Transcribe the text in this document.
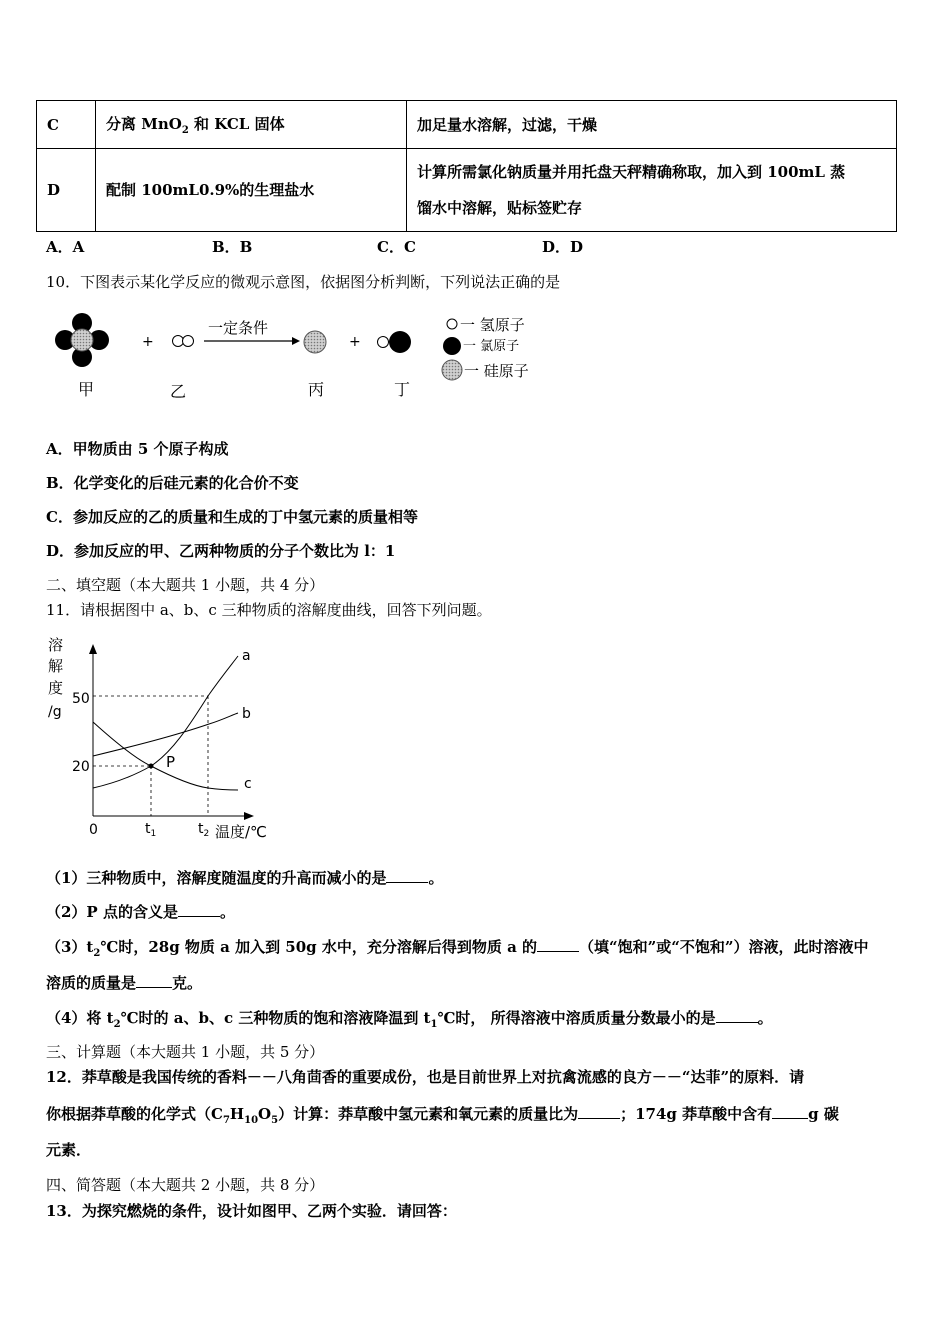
C	分离 MnO$_2$ 和 KCL 固体	加足量水溶解，过滤，干燥
D	配制 100mL0.9%的生理盐水	计算所需氯化钠质量并用托盘天秤精确称取，加入到 100mL 蒸
馏水中溶解，贴标签贮存
A．A	B．B	C．C	D．D
10．下图表示某化学反应的微观示意图，依据图分析判断，下列说法正确的是
+
一定条件
+
甲	乙	丙	丁
一 氢原子
一 氯原子
一 硅原子
A．甲物质由 5 个原子构成
B．化学变化的后硅元素的化合价不变
C．参加反应的乙的质量和生成的丁中氢元素的质量相等
D．参加反应的甲、乙两种物质的分子个数比为 l：1
二、填空题（本大题共 1 小题，共 4 分）
11．请根据图中 a、b、c 三种物质的溶解度曲线，回答下列问题。
溶
解
度
/g
50
20
0	$t_1$	$t_2$ 温度/℃
P
a
b
c
（1）三种物质中，溶解度随温度的升高而减小的是	。
（2）P 点的含义是	。
$(3)t_2℃$时，28g 物质 a 加入到 50g 水中，充分溶解后得到物质 a 的	（填“饱和”或“不饱和”）溶液，此时溶液中
溶质的质量是 克。
（4）将 $t_2℃$时的 a、b、c 三种物质的饱和溶液降温到 $t_1℃$时， 所得溶液中溶质质量分数最小的是	。
三、计算题（本大题共 1 小题，共 5 分）
12．莽草酸是我国传统的香料－－八角茴香的重要成份，也是目前世界上对抗禽流感的良方－－“达菲”的原料．请
你根据莽草酸的化学式$(C_7H_{10}O_5)$计算：莽草酸中氢元素和氧元素的质量比为	；174g 莽草酸中含有 g 碳
元素．
四、简答题（本大题共 2 小题，共 8 分）
13．为探究燃烧的条件，设计如图甲、乙两个实验．请回答：
